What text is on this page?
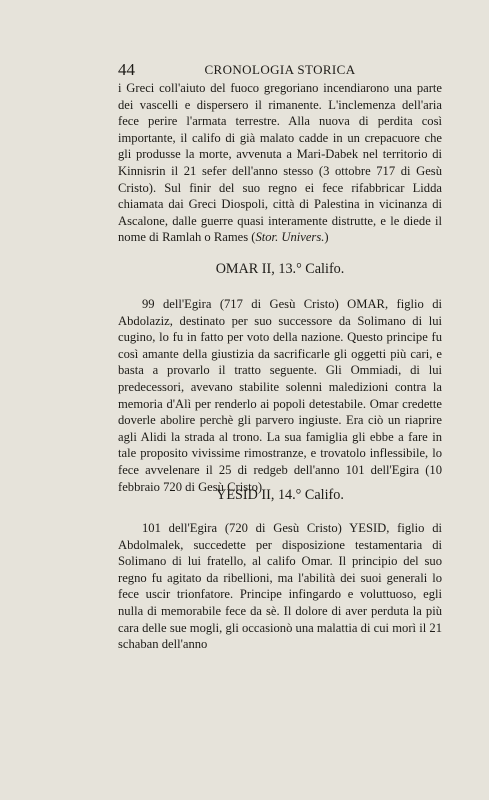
44	CRONOLOGIA STORICA

i Greci coll'aiuto del fuoco gregoriano incendiarono una parte dei vascelli e dispersero il rimanente. L'inclemenza dell'aria fece perire l'armata terrestre. Alla nuova di perdita così importante, il califo di già malato cadde in un crepacuore che gli produsse la morte, avvenuta a Mari-Dabek nel territorio di Kinnisrin il 21 sefer dell'anno stesso (3 ottobre 717 di Gesù Cristo). Sul finir del suo regno ei fece rifabbricar Lidda chiamata dai Greci Diospoli, città di Palestina in vicinanza di Ascalone, dalle guerre quasi interamente distrutte, e le diede il nome di Ramlah o Rames (Stor. Univers.)

OMAR II, 13.° Califo.

99 dell'Egira (717 di Gesù Cristo) OMAR, figlio di Abdolaziz, destinato per suo successore da Solimano di lui cugino, lo fu in fatto per voto della nazione. Questo principe fu così amante della giustizia da sacrificarle gli oggetti più cari, e basta a provarlo il tratto seguente. Gli Ommiadi, di lui predecessori, avevano stabilite solenni maledizioni contra la memoria d'Alì per renderlo ai popoli detestabile. Omar credette doverle abolire perchè gli parvero ingiuste. Era ciò un riaprire agli Alidi la strada al trono. La sua famiglia gli ebbe a fare in tale proposito vivissime rimostranze, e trovatolo inflessibile, lo fece avvelenare il 25 di redgeb dell'anno 101 dell'Egira (10 febbraio 720 di Gesù Cristo).

YESID II, 14.° Califo.

101 dell'Egira (720 di Gesù Cristo) YESID, figlio di Abdolmalek, succedette per disposizione testamentaria di Solimano di lui fratello, al califo Omar. Il principio del suo regno fu agitato da ribellioni, ma l'abilità dei suoi generali lo fece uscir trionfatore. Principe infingardo e voluttuoso, egli nulla di memorabile fece da sè. Il dolore di aver perduta la più cara delle sue mogli, gli occasionò una malattia di cui morì il 21 schaban dell'anno
